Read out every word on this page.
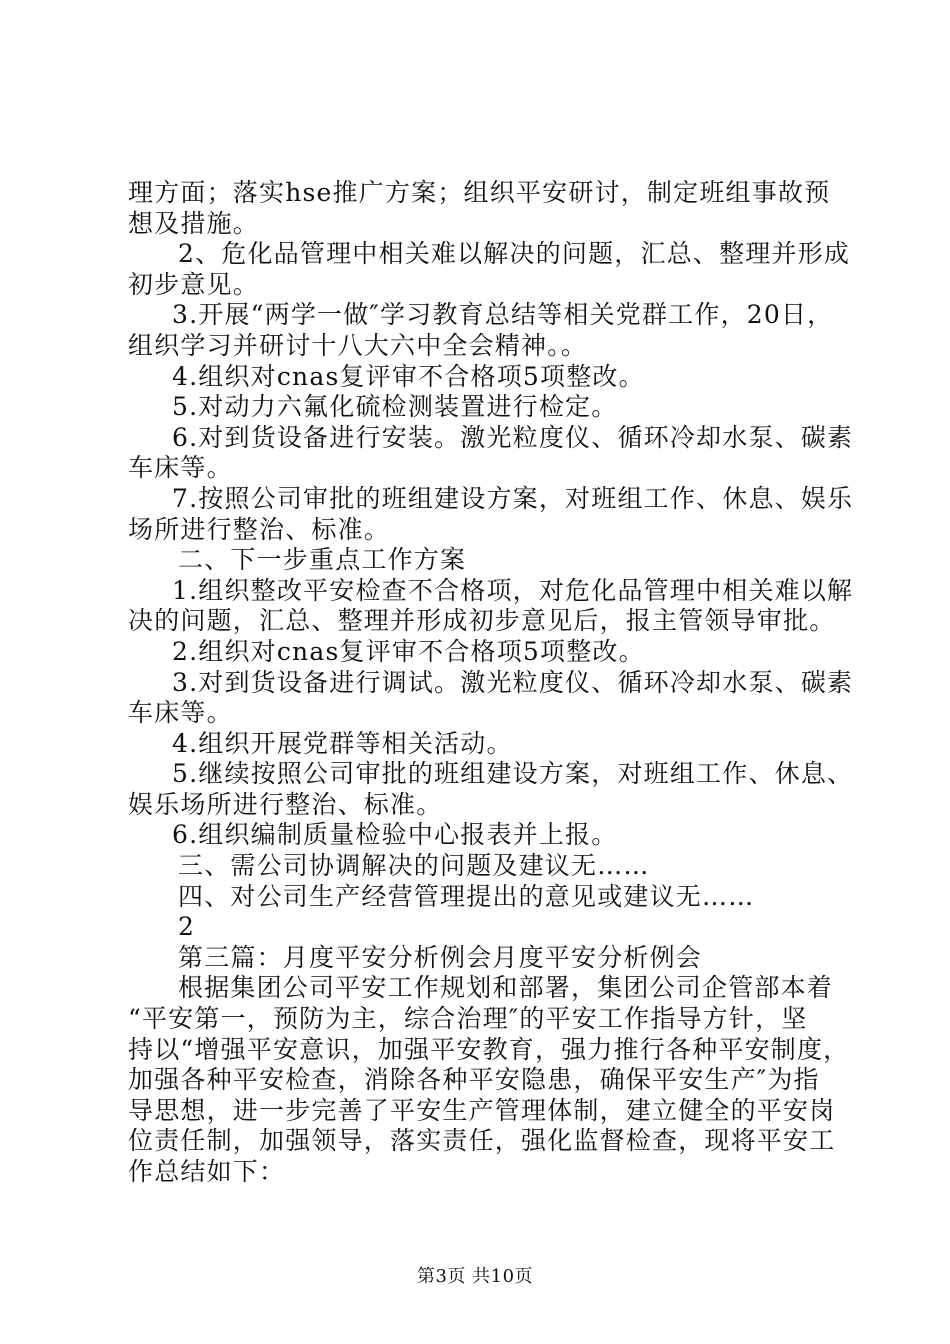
理方面；落实hse推广方案；组织平安研讨，制定班组事故预
想及措施。
2、危化品管理中相关难以解决的问题，汇总、整理并形成
初步意见。
3.开展“两学一做″学习教育总结等相关党群工作，20日，
组织学习并研讨十八大六中全会精神。。
4.组织对cnas复评审不合格项5项整改。
5.对动力六氟化硫检测装置进行检定。
6.对到货设备进行安装。激光粒度仪、循环冷却水泵、碳素
车床等。
7.按照公司审批的班组建设方案，对班组工作、休息、娱乐
场所进行整治、标准。
二、下一步重点工作方案
1.组织整改平安检查不合格项，对危化品管理中相关难以解
决的问题，汇总、整理并形成初步意见后，报主管领导审批。
2.组织对cnas复评审不合格项5项整改。
3.对到货设备进行调试。激光粒度仪、循环冷却水泵、碳素
车床等。
4.组织开展党群等相关活动。
5.继续按照公司审批的班组建设方案，对班组工作、休息、
娱乐场所进行整治、标准。
6.组织编制质量检验中心报表并上报。
三、需公司协调解决的问题及建议无……
四、对公司生产经营管理提出的意见或建议无……
2
第三篇：月度平安分析例会月度平安分析例会
根据集团公司平安工作规划和部署，集团公司企管部本着
“平安第一，预防为主，综合治理″的平安工作指导方针，坚
持以“增强平安意识，加强平安教育，强力推行各种平安制度，
加强各种平安检查，消除各种平安隐患，确保平安生产″为指
导思想，进一步完善了平安生产管理体制，建立健全的平安岗
位责任制，加强领导，落实责任，强化监督检查，现将平安工
作总结如下：
第3页 共10页
